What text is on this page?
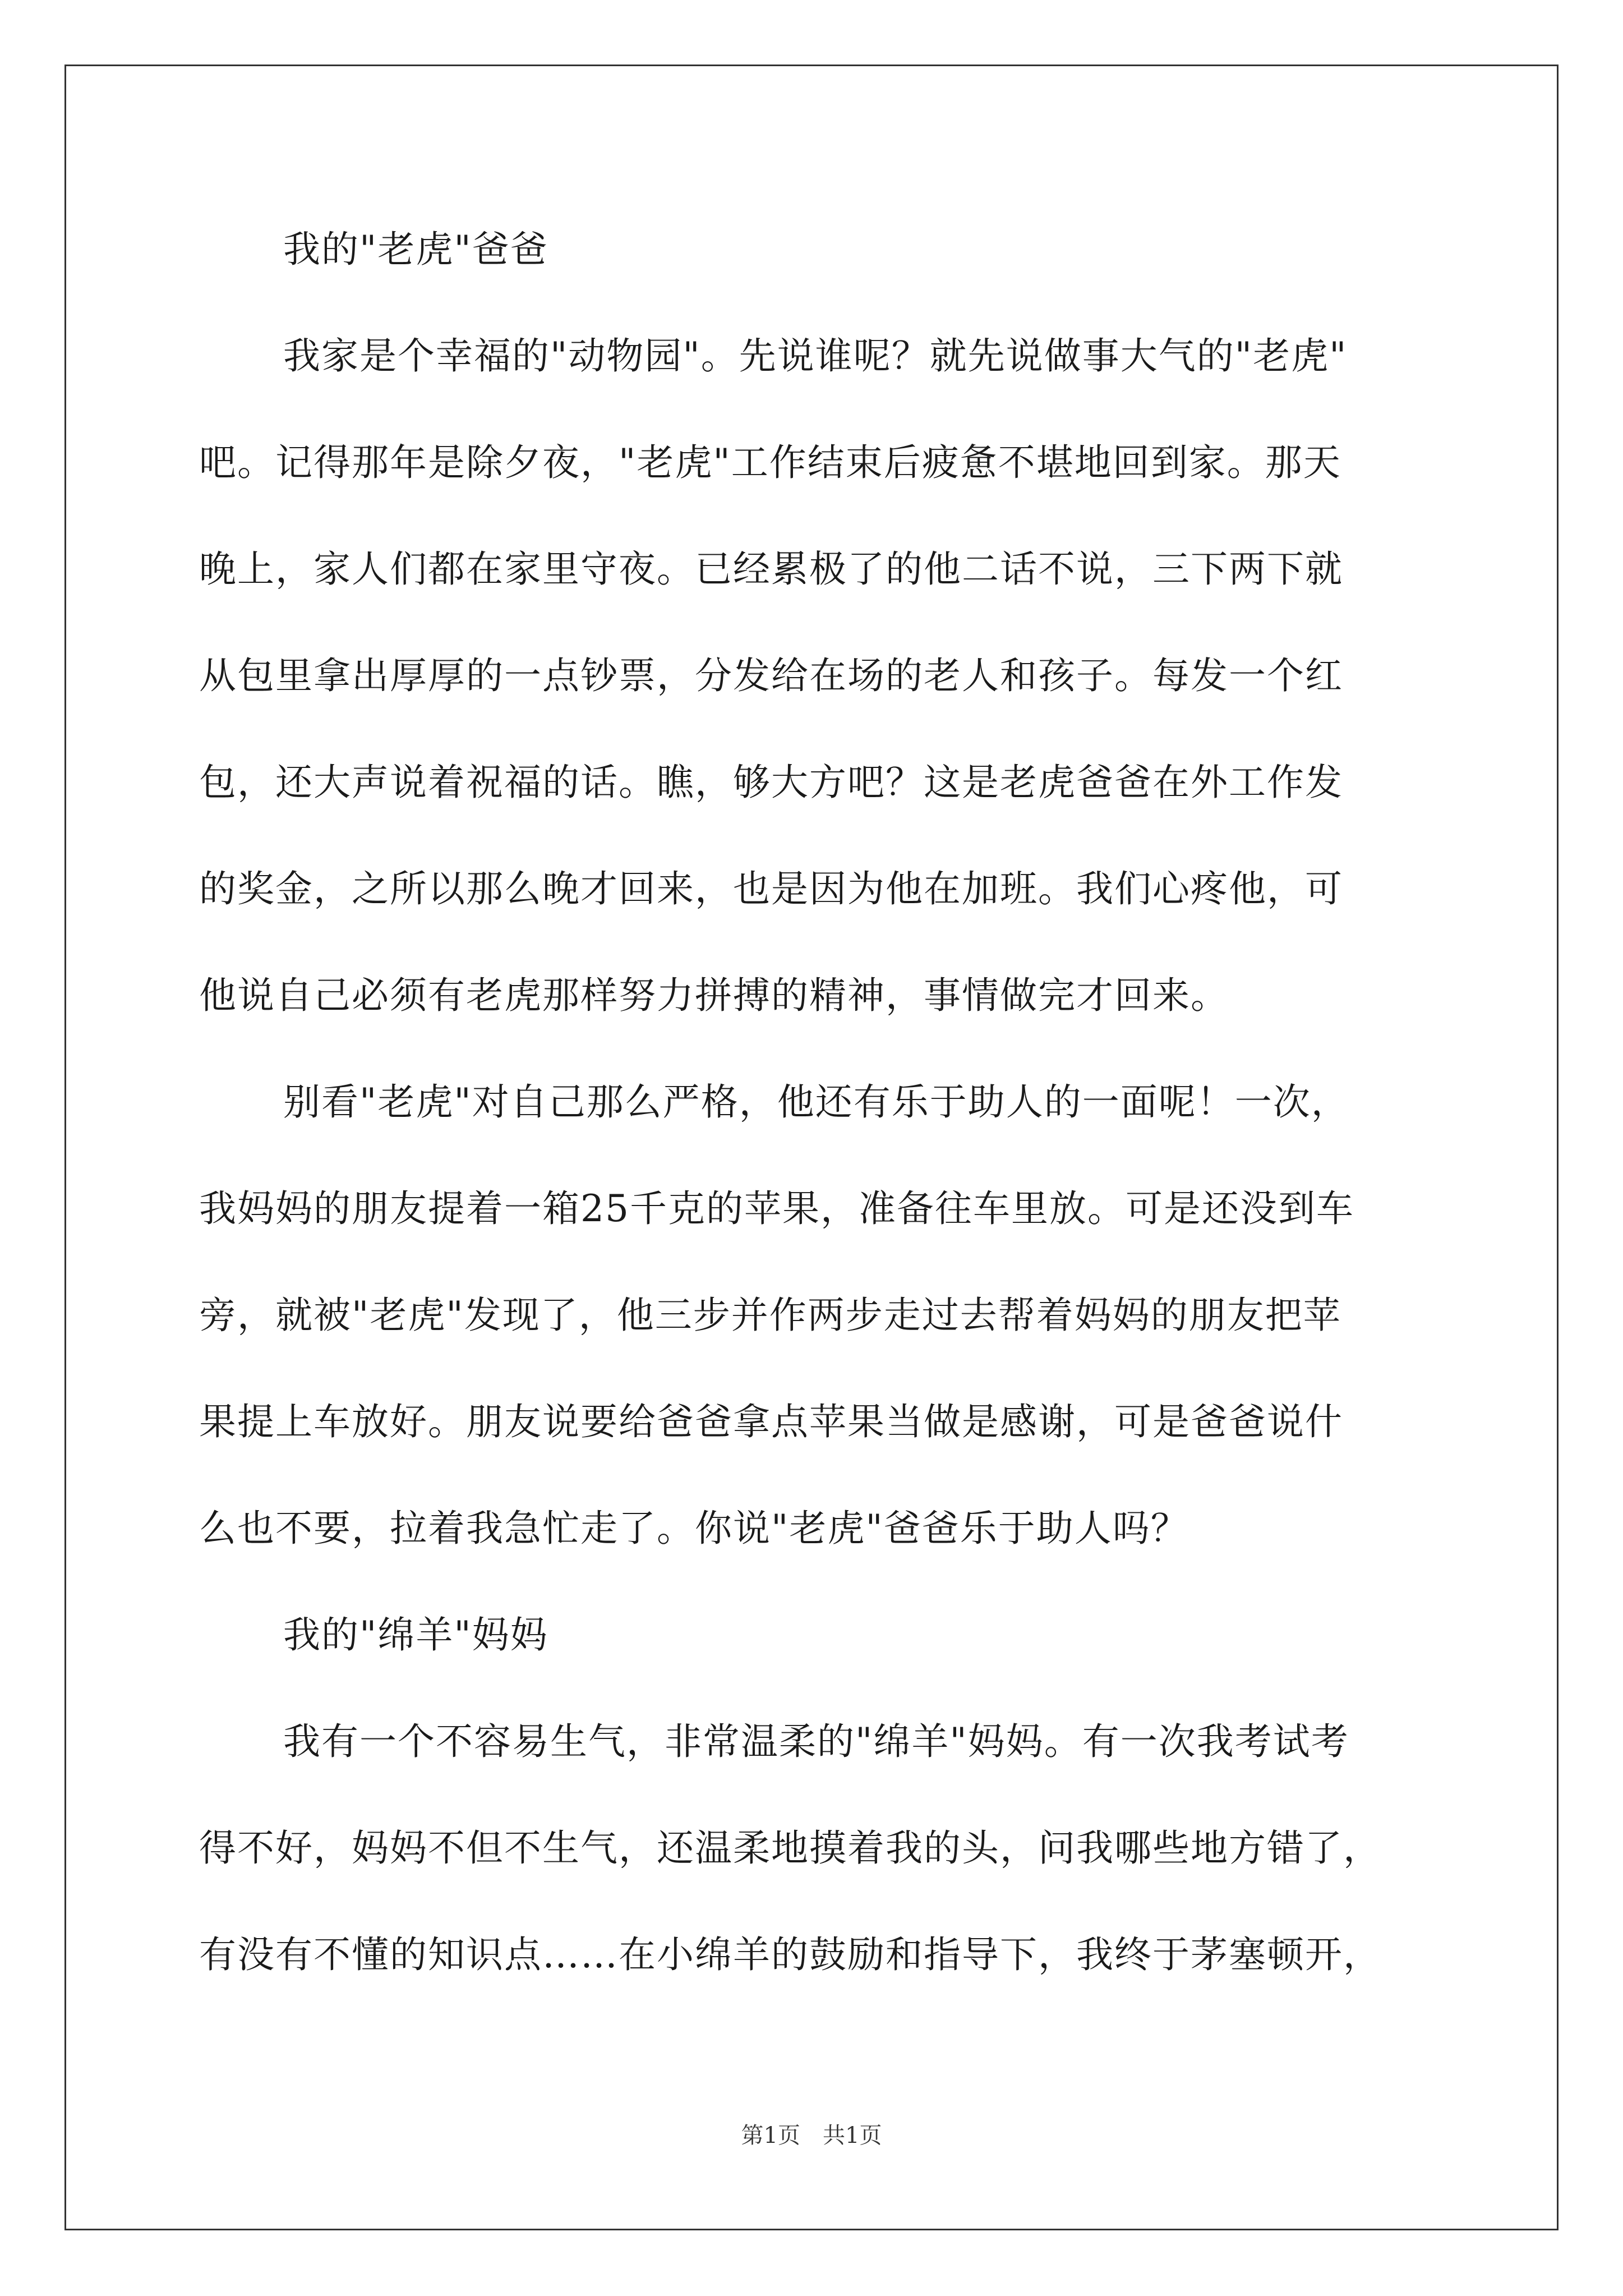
我的"老虎"爸爸
我家是个幸福的"动物园"。先说谁呢？就先说做事大气的"老虎"
吧。记得那年是除夕夜，"老虎"工作结束后疲惫不堪地回到家。那天
晚上，家人们都在家里守夜。已经累极了的他二话不说，三下两下就
从包里拿出厚厚的一点钞票，分发给在场的老人和孩子。每发一个红
包，还大声说着祝福的话。瞧，够大方吧？这是老虎爸爸在外工作发
的奖金，之所以那么晚才回来，也是因为他在加班。我们心疼他，可
他说自己必须有老虎那样努力拼搏的精神，事情做完才回来。
别看"老虎"对自己那么严格，他还有乐于助人的一面呢！一次，
我妈妈的朋友提着一箱25千克的苹果，准备往车里放。可是还没到车
旁，就被"老虎"发现了，他三步并作两步走过去帮着妈妈的朋友把苹
果提上车放好。朋友说要给爸爸拿点苹果当做是感谢，可是爸爸说什
么也不要，拉着我急忙走了。你说"老虎"爸爸乐于助人吗？
我的"绵羊"妈妈
我有一个不容易生气，非常温柔的"绵羊"妈妈。有一次我考试考
得不好，妈妈不但不生气，还温柔地摸着我的头，问我哪些地方错了，
有没有不懂的知识点……在小绵羊的鼓励和指导下，我终于茅塞顿开，
第1页　共1页
